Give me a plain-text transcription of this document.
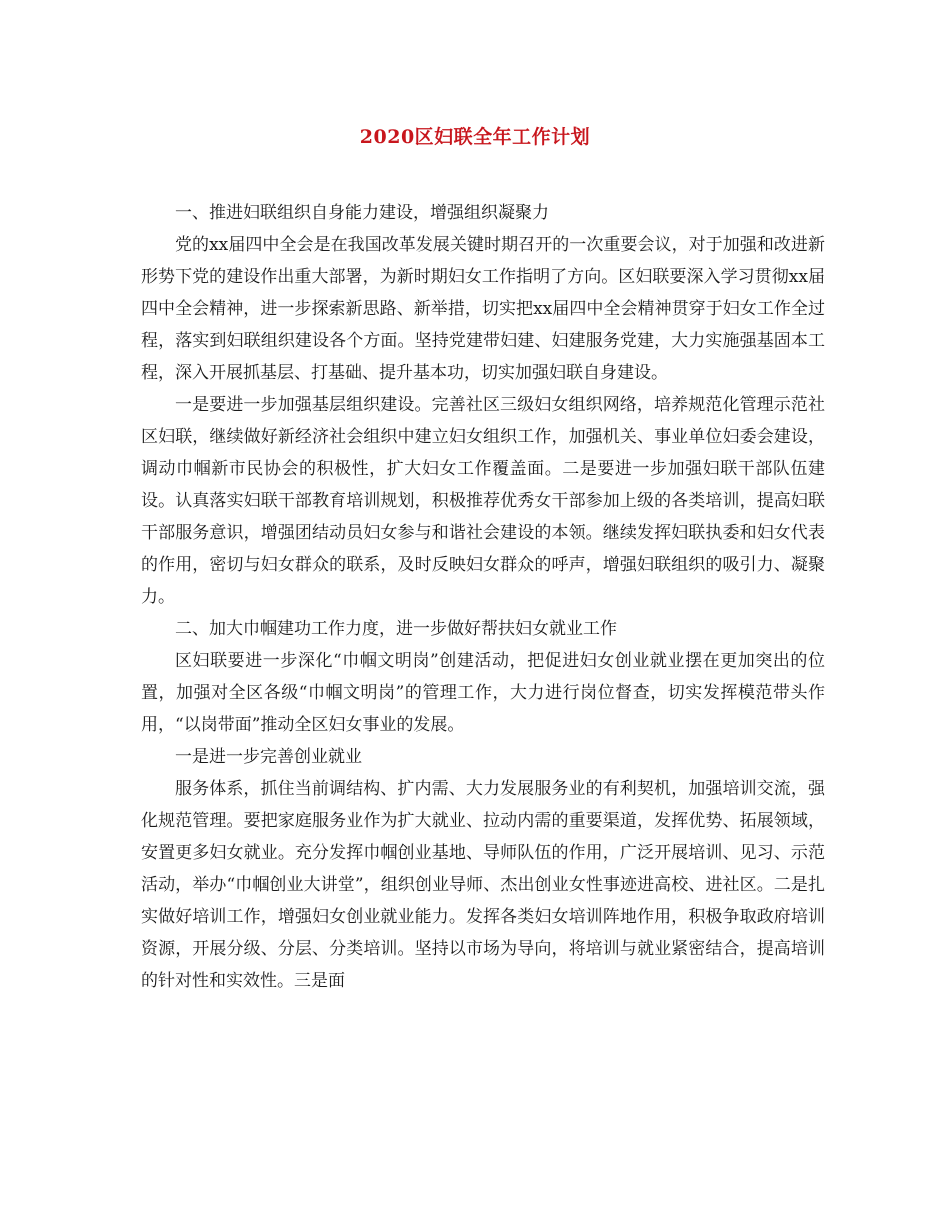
2020区妇联全年工作计划

一、推进妇联组织自身能力建设，增强组织凝聚力

党的xx届四中全会是在我国改革发展关键时期召开的一次重要会议，对于加强和改进新形势下党的建设作出重大部署，为新时期妇女工作指明了方向。区妇联要深入学习贯彻xx届四中全会精神，进一步探索新思路、新举措，切实把xx届四中全会精神贯穿于妇女工作全过程，落实到妇联组织建设各个方面。坚持党建带妇建、妇建服务党建，大力实施强基固本工程，深入开展抓基层、打基础、提升基本功，切实加强妇联自身建设。

一是要进一步加强基层组织建设。完善社区三级妇女组织网络，培养规范化管理示范社区妇联，继续做好新经济社会组织中建立妇女组织工作，加强机关、事业单位妇委会建设，调动巾帼新市民协会的积极性，扩大妇女工作覆盖面。二是要进一步加强妇联干部队伍建设。认真落实妇联干部教育培训规划，积极推荐优秀女干部参加上级的各类培训，提高妇联干部服务意识，增强团结动员妇女参与和谐社会建设的本领。继续发挥妇联执委和妇女代表的作用，密切与妇女群众的联系，及时反映妇女群众的呼声，增强妇联组织的吸引力、凝聚力。

二、加大巾帼建功工作力度，进一步做好帮扶妇女就业工作

区妇联要进一步深化“巾帼文明岗”创建活动，把促进妇女创业就业摆在更加突出的位置，加强对全区各级“巾帼文明岗”的管理工作，大力进行岗位督查，切实发挥模范带头作用，“以岗带面”推动全区妇女事业的发展。

一是进一步完善创业就业

服务体系，抓住当前调结构、扩内需、大力发展服务业的有利契机，加强培训交流，强化规范管理。要把家庭服务业作为扩大就业、拉动内需的重要渠道，发挥优势、拓展领域，安置更多妇女就业。充分发挥巾帼创业基地、导师队伍的作用，广泛开展培训、见习、示范活动，举办“巾帼创业大讲堂”，组织创业导师、杰出创业女性事迹进高校、进社区。二是扎实做好培训工作，增强妇女创业就业能力。发挥各类妇女培训阵地作用，积极争取政府培训资源，开展分级、分层、分类培训。坚持以市场为导向，将培训与就业紧密结合，提高培训的针对性和实效性。三是面
